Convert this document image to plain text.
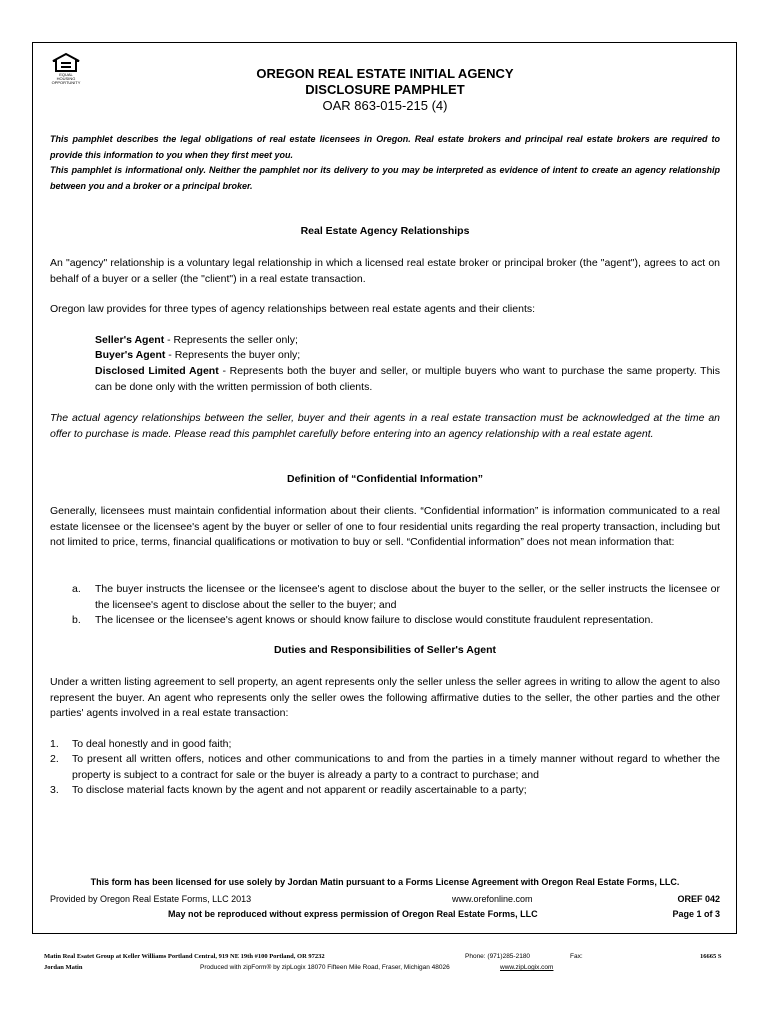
EQUAL HOUSING OPPORTUNITY
OREGON REAL ESTATE INITIAL AGENCY
DISCLOSURE PAMPHLET
OAR 863-015-215 (4)
This pamphlet describes the legal obligations of real estate licensees in Oregon. Real estate brokers and principal real estate brokers are required to provide this information to you when they first meet you.
This pamphlet is informational only. Neither the pamphlet nor its delivery to you may be interpreted as evidence of intent to create an agency relationship between you and a broker or a principal broker.
Real Estate Agency Relationships
An "agency" relationship is a voluntary legal relationship in which a licensed real estate broker or principal broker (the "agent"), agrees to act on behalf of a buyer or a seller (the "client") in a real estate transaction.
Oregon law provides for three types of agency relationships between real estate agents and their clients:
Seller's Agent - Represents the seller only;
Buyer's Agent - Represents the buyer only;
Disclosed Limited Agent - Represents both the buyer and seller, or multiple buyers who want to purchase the same property. This can be done only with the written permission of both clients.
The actual agency relationships between the seller, buyer and their agents in a real estate transaction must be acknowledged at the time an offer to purchase is made. Please read this pamphlet carefully before entering into an agency relationship with a real estate agent.
Definition of “Confidential Information”
Generally, licensees must maintain confidential information about their clients. “Confidential information” is information communicated to a real estate licensee or the licensee's agent by the buyer or seller of one to four residential units regarding the real property transaction, including but not limited to price, terms, financial qualifications or motivation to buy or sell. “Confidential information” does not mean information that:
a. The buyer instructs the licensee or the licensee's agent to disclose about the buyer to the seller, or the seller instructs the licensee or the licensee's agent to disclose about the seller to the buyer; and
b. The licensee or the licensee's agent knows or should know failure to disclose would constitute fraudulent representation.
Duties and Responsibilities of Seller's Agent
Under a written listing agreement to sell property, an agent represents only the seller unless the seller agrees in writing to allow the agent to also represent the buyer. An agent who represents only the seller owes the following affirmative duties to the seller, the other parties and the other parties' agents involved in a real estate transaction:
1. To deal honestly and in good faith;
2. To present all written offers, notices and other communications to and from the parties in a timely manner without regard to whether the property is subject to a contract for sale or the buyer is already a party to a contract to purchase; and
3. To disclose material facts known by the agent and not apparent or readily ascertainable to a party;
This form has been licensed for use solely by Jordan Matin pursuant to a Forms License Agreement with Oregon Real Estate Forms, LLC.
Provided by Oregon Real Estate Forms, LLC 2013	www.orefonline.com	OREF 042
May not be reproduced without express permission of Oregon Real Estate Forms, LLC	Page 1 of 3
Matin Real Esatet Group at Keller Williams Portland Central, 919 NE 19th #100 Portland, OR 97232	Phone: (971)285-2180	Fax:	16665 S
Jordan Matin	Produced with zipForm® by zipLogix 18070 Fifteen Mile Road, Fraser, Michigan 48026	www.zipLogix.com
